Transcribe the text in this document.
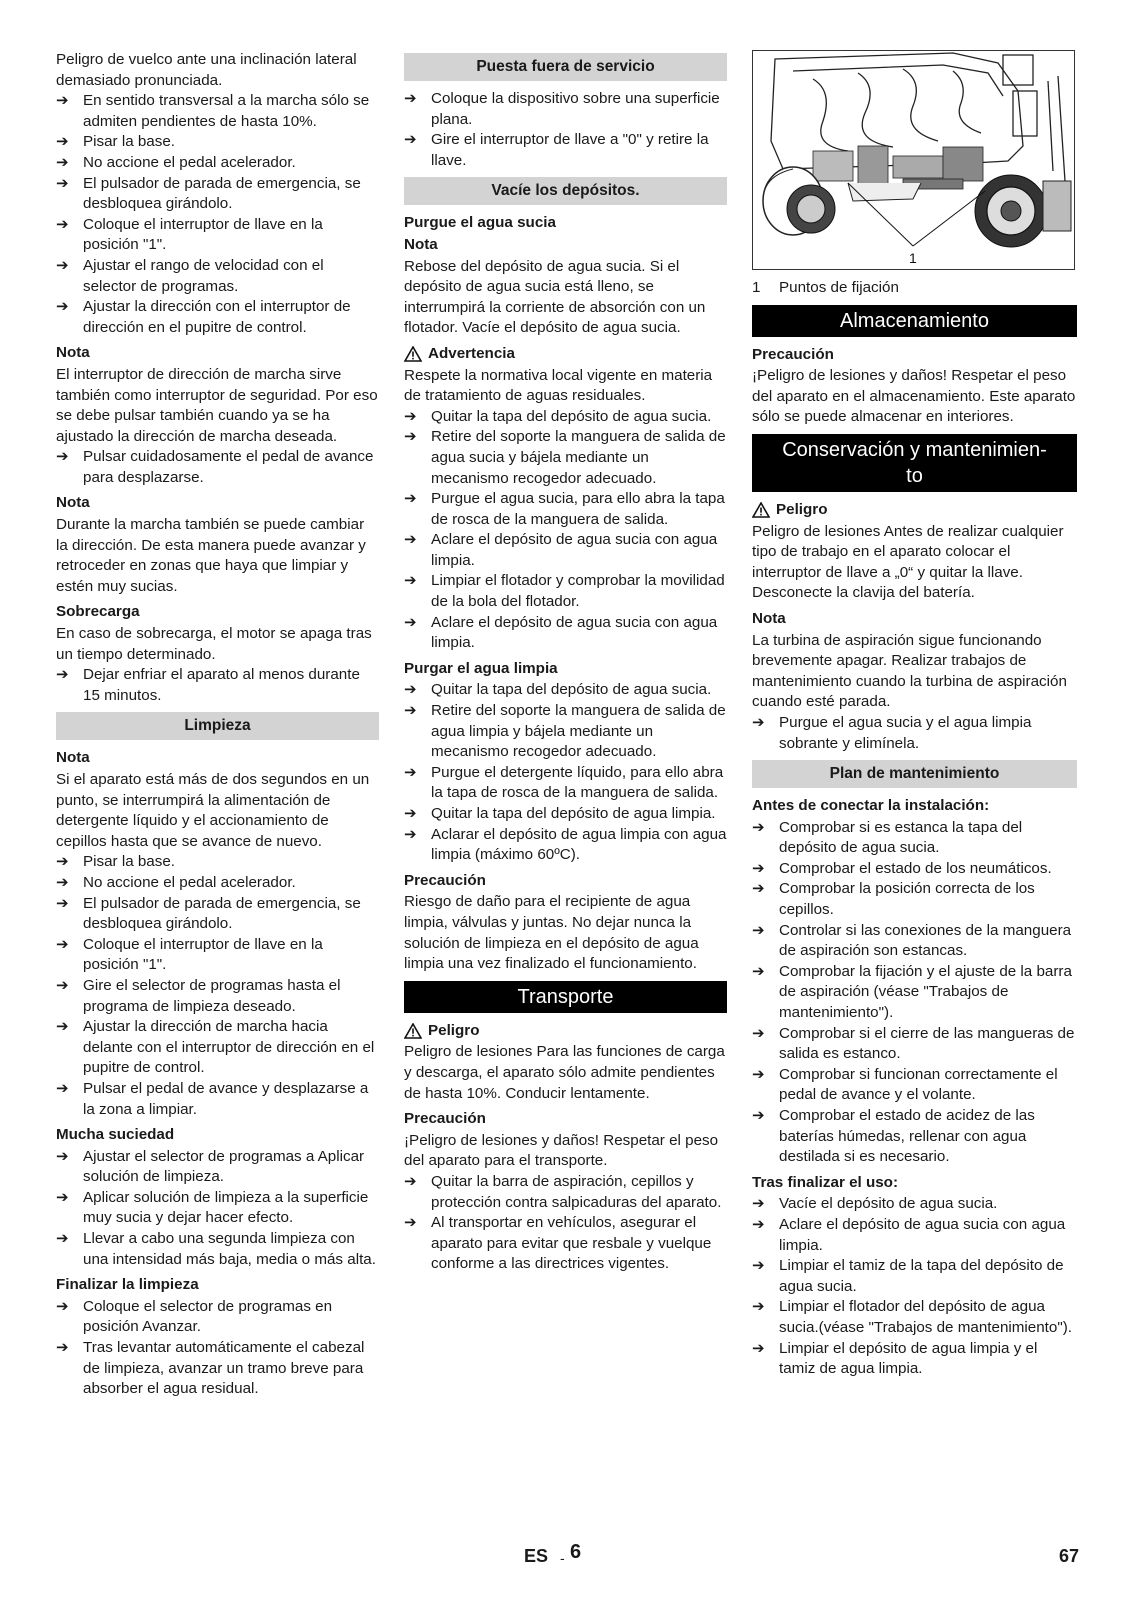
Peligro de vuelco ante una inclinación lateral demasiado pronunciada.

➔ En sentido transversal a la marcha sólo se admiten pendientes de hasta 10%.
➔ Pisar la base.
➔ No accione el pedal acelerador.
➔ El pulsador de parada de emergencia, se desbloquea girándolo.
➔ Coloque el interruptor de llave en la posición "1".
➔ Ajustar el rango de velocidad con el selector de programas.
➔ Ajustar la dirección con el interruptor de dirección en el pupitre de control.

Nota

El interruptor de dirección de marcha sirve también como interruptor de seguridad. Por eso se debe pulsar también cuando ya se ha ajustado la dirección de marcha deseada.

➔ Pulsar cuidadosamente el pedal de avance para desplazarse.

Nota

Durante la marcha también se puede cambiar la dirección. De esta manera puede avanzar y retroceder en zonas que haya que limpiar y estén muy sucias.

Sobrecarga

En caso de sobrecarga, el motor se apaga tras un tiempo determinado.

➔ Dejar enfriar el aparato al menos durante 15 minutos.
Limpieza

Nota

Si el aparato está más de dos segundos en un punto, se interrumpirá la alimentación de detergente líquido y el accionamiento de cepillos hasta que se avance de nuevo.

➔ Pisar la base.
➔ No accione el pedal acelerador.
➔ El pulsador de parada de emergencia, se desbloquea girándolo.
➔ Coloque el interruptor de llave en la posición "1".
➔ Gire el selector de programas hasta el programa de limpieza deseado.
➔ Ajustar la dirección de marcha hacia delante con el interruptor de dirección en el pupitre de control.
➔ Pulsar el pedal de avance y desplazarse a la zona a limpiar.

Mucha suciedad

➔ Ajustar el selector de programas a Aplicar solución de limpieza.
➔ Aplicar solución de limpieza a la superficie muy sucia y dejar hacer efecto.
➔ Llevar a cabo una segunda limpieza con una intensidad más baja, media o más alta.

Finalizar la limpieza

➔ Coloque el selector de programas en posición Avanzar.
➔ Tras levantar automáticamente el cabezal de limpieza, avanzar un tramo breve para absorber el agua residual.
Puesta fuera de servicio
➔ Coloque la dispositivo sobre una superficie plana.
➔ Gire el interruptor de llave a "0" y retire la llave.
Vacíe los depósitos.

Purgue el agua sucia

Nota

Rebose del depósito de agua sucia. Si el depósito de agua sucia está lleno, se interrumpirá la corriente de absorción con un flotador. Vacíe el depósito de agua sucia.

Advertencia

Respete la normativa local vigente en materia de tratamiento de aguas residuales.

➔ Quitar la tapa del depósito de agua sucia.
➔ Retire del soporte la manguera de salida de agua sucia y bájela mediante un mecanismo recogedor adecuado.
➔ Purgue el agua sucia, para ello abra la tapa de rosca de la manguera de salida.
➔ Aclare el depósito de agua sucia con agua limpia.
➔ Limpiar el flotador y comprobar la movilidad de la bola del flotador.
➔ Aclare el depósito de agua sucia con agua limpia.

Purgar el agua limpia

➔ Quitar la tapa del depósito de agua sucia.
➔ Retire del soporte la manguera de salida de agua limpia y bájela mediante un mecanismo recogedor adecuado.
➔ Purgue el detergente líquido, para ello abra la tapa de rosca de la manguera de salida.
➔ Quitar la tapa del depósito de agua limpia.
➔ Aclarar el depósito de agua limpia con agua limpia (máximo 60ºC).

Precaución

Riesgo de daño para el recipiente de agua limpia, válvulas y juntas. No dejar nunca la solución de limpieza en el depósito de agua limpia una vez finalizado el funcionamiento.

Transporte
Peligro

Peligro de lesiones Para las funciones de carga y descarga, el aparato sólo admite pendientes de hasta 10%. Conducir lentamente.

Precaución

¡Peligro de lesiones y daños! Respetar el peso del aparato para el transporte.

➔ Quitar la barra de aspiración, cepillos y protección contra salpicaduras del aparato.
➔ Al transportar en vehículos, asegurar el aparato para evitar que resbale y vuelque conforme a las directrices vigentes.
1
1	Puntos de fijación
Almacenamiento

Precaución

¡Peligro de lesiones y daños! Respetar el peso del aparato en el almacenamiento. Este aparato sólo se puede almacenar en interiores.

Conservación y mantenimien-
to
Peligro

Peligro de lesiones Antes de realizar cualquier tipo de trabajo en el aparato colocar el interruptor de llave a „0“ y quitar la llave. Desconecte la clavija del batería.

Nota

La turbina de aspiración sigue funcionando brevemente apagar. Realizar trabajos de mantenimiento cuando la turbina de aspiración cuando esté parada.

➔ Purgue el agua sucia y el agua limpia sobrante y elimínela.
Plan de mantenimiento

Antes de conectar la instalación:

➔ Comprobar si es estanca la tapa del depósito de agua sucia.
➔ Comprobar el estado de los neumáticos.
➔ Comprobar la posición correcta de los cepillos.
➔ Controlar si las conexiones de la manguera de aspiración son estancas.
➔ Comprobar la fijación y el ajuste de la barra de aspiración (véase "Trabajos de mantenimiento").
➔ Comprobar si el cierre de las mangueras de salida es estanco.
➔ Comprobar si funcionan correctamente el pedal de avance y el volante.
➔ Comprobar el estado de acidez de las baterías húmedas, rellenar con agua destilada si es necesario.

Tras finalizar el uso:

➔ Vacíe el depósito de agua sucia.
➔ Aclare el depósito de agua sucia con agua limpia.
➔ Limpiar el tamiz de la tapa del depósito de agua sucia.
➔ Limpiar el flotador del depósito de agua sucia.(véase "Trabajos de mantenimiento").
➔ Limpiar el depósito de agua limpia y el tamiz de agua limpia.
ES - 6	67
